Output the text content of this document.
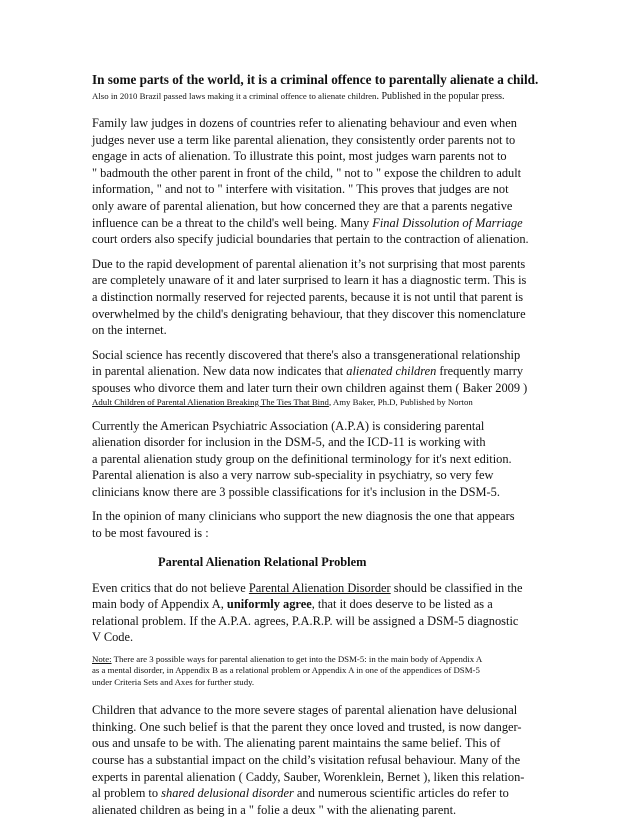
In some parts of the world, it is a criminal offence to parentally alienate a child.

Also in 2010 Brazil passed laws making it a criminal offence to alienate children. Published in the popular press.

Family law judges in dozens of countries refer to alienating behaviour and even when
judges never use a term like parental alienation, they consistently order parents not to
engage in acts of alienation. To illustrate this point, most judges warn parents not to
" badmouth the other parent in front of the child, " not to " expose the children to adult
information, " and not to " interfere with visitation. " This proves that judges are not
only aware of parental alienation, but how concerned they are that a parents negative
influence can be a threat to the child's well being. Many Final Dissolution of Marriage
court orders also specify judicial boundaries that pertain to the contraction of alienation.
Due to the rapid development of parental alienation it’s not surprising that most parents
are completely unaware of it and later surprised to learn it has a diagnostic term. This is
a distinction normally reserved for rejected parents, because it is not until that parent is
overwhelmed by the child's denigrating behaviour, that they discover this nomenclature
on the internet.
Social science has recently discovered that there's also a transgenerational relationship
in parental alienation. New data now indicates that alienated children frequently marry
spouses who divorce them and later turn their own children against them ( Baker 2009 )
Adult Children of Parental Alienation Breaking The Ties That Bind, Amy Baker, Ph.D, Published by Norton
Currently the American Psychiatric Association (A.P.A) is considering parental
alienation disorder for inclusion in the DSM-5, and the ICD-11 is working with
a parental alienation study group on the definitional terminology for it's next edition.
Parental alienation is also a very narrow sub-speciality in psychiatry, so very few
clinicians know there are 3 possible classifications for it's inclusion in the DSM-5.
In the opinion of many clinicians who support the new diagnosis the one that appears
to be most favoured is :

Parental Alienation Relational Problem

Even critics that do not believe Parental Alienation Disorder should be classified in the
main body of Appendix A, uniformly agree, that it does deserve to be listed as a
relational problem. If the A.P.A. agrees, P.A.R.P. will be assigned a DSM-5 diagnostic
V Code.
Note: There are 3 possible ways for parental alienation to get into the DSM-5: in the main body of Appendix A
as a mental disorder, in Appendix B as a relational problem or Appendix A in one of the appendices of DSM-5
under Criteria Sets and Axes for further study.
Children that advance to the more severe stages of parental alienation have delusional
thinking. One such belief is that the parent they once loved and trusted, is now danger-
ous and unsafe to be with. The alienating parent maintains the same belief. This of
course has a substantial impact on the child’s visitation refusal behaviour. Many of the
experts in parental alienation ( Caddy, Sauber, Worenklein, Bernet ), liken this relation-
al problem to shared delusional disorder and numerous scientific articles do refer to
alienated children as being in a " folie a deux " with the alienating parent.
